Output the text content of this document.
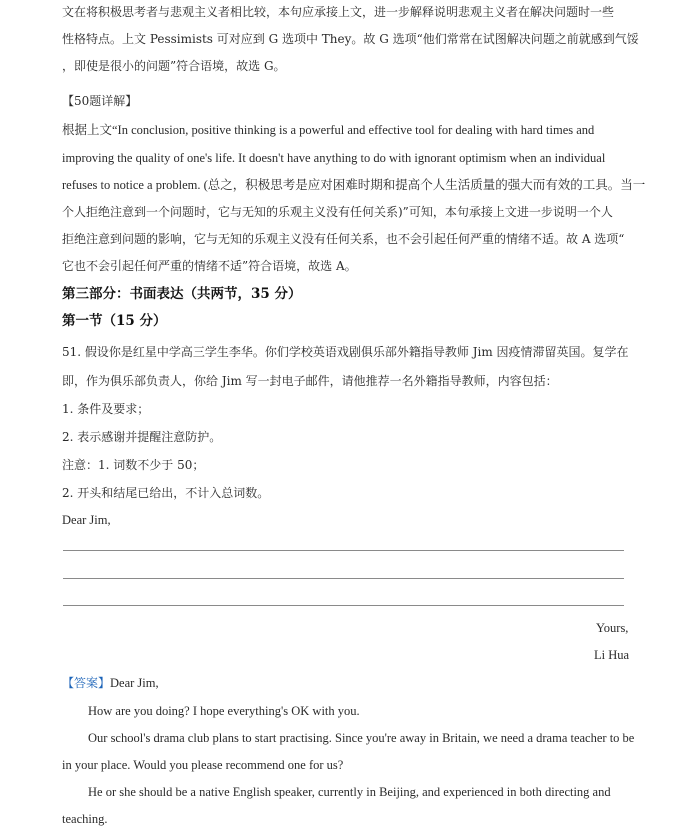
文在将积极思考者与悲观主义者相比较，本句应承接上文，进一步解释说明悲观主义者在解决问题时一些
性格特点。上文 Pessimists 可对应到 G 选项中 They。故 G 选项“他们常常在试图解决问题之前就感到气馁
，即使是很小的问题”符合语境，故选 G。
【50题详解】
根据上文“In conclusion, positive thinking is a powerful and effective tool for dealing with hard times and
improving the quality of one's life. It doesn't have anything to do with ignorant optimism when an individual
refuses to notice a problem. (总之，积极思考是应对困难时期和提高个人生活质量的强大而有效的工具。当一
个人拒绝注意到一个问题时，它与无知的乐观主义没有任何关系)”可知，本句承接上文进一步说明一个人
拒绝注意到问题的影响，它与无知的乐观主义没有任何关系，也不会引起任何严重的情绪不适。故 A 选项“
它也不会引起任何严重的情绪不适”符合语境，故选 A。
第三部分：书面表达（共两节，35 分）
第一节（15 分）
51. 假设你是红星中学高三学生李华。你们学校英语戏剧俱乐部外籍指导教师 Jim 因疫情滞留英国。复学在
即，作为俱乐部负责人，你给 Jim 写一封电子邮件，请他推荐一名外籍指导教师，内容包括：
1. 条件及要求；
2. 表示感谢并提醒注意防护。
注意：1. 词数不少于 50；
2. 开头和结尾已给出，不计入总词数。
Dear Jim,
Yours,
Li Hua
【答案】Dear Jim,
How are you doing? I hope everything's OK with you.
Our school's drama club plans to start practising. Since you're away in Britain, we need a drama teacher to be
in your place. Would you please recommend one for us?
He or she should be a native English speaker, currently in Beijing, and experienced in both directing and
teaching.
